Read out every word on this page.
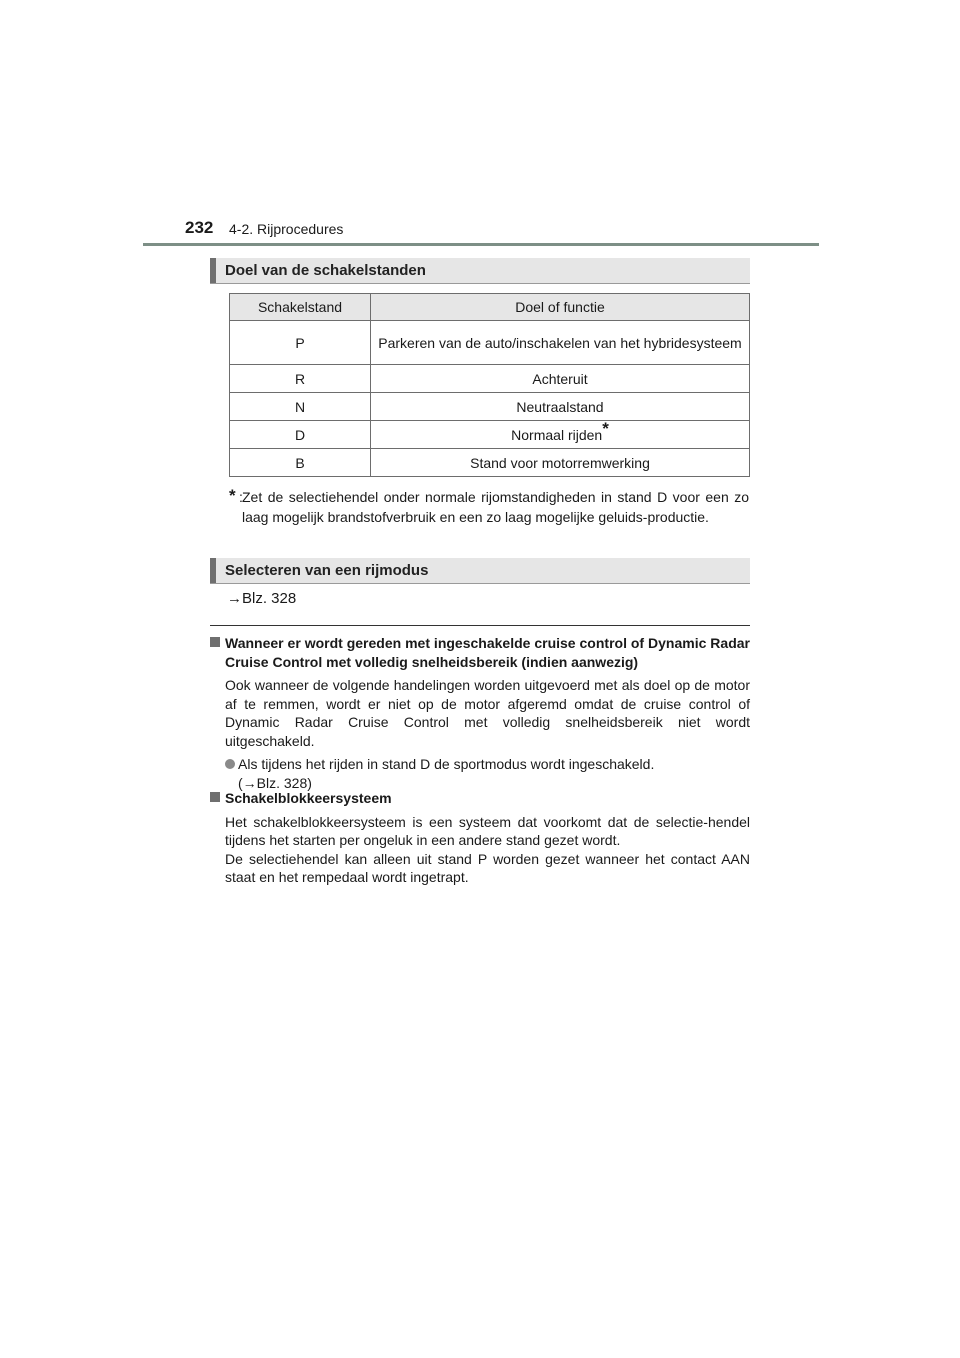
232 4-2. Rijprocedures
Doel van de schakelstanden
Schakelstand	Doel of functie
P	Parkeren van de auto/inschakelen van het hybridesysteem
R	Achteruit
N	Neutraalstand
D	Normaal rijden*
B	Stand voor motorremwerking
* : Zet de selectiehendel onder normale rijomstandigheden in stand D voor een zo laag mogelijk brandstofverbruik en een zo laag mogelijke geluids-productie.
Selecteren van een rijmodus
→Blz. 328
Wanneer er wordt gereden met ingeschakelde cruise control of Dynamic Radar Cruise Control met volledig snelheidsbereik (indien aanwezig)

Ook wanneer de volgende handelingen worden uitgevoerd met als doel op de motor af te remmen, wordt er niet op de motor afgeremd omdat de cruise control of Dynamic Radar Cruise Control met volledig snelheidsbereik niet wordt uitgeschakeld.

Als tijdens het rijden in stand D de sportmodus wordt ingeschakeld.
(→Blz. 328)
Schakelblokkeersysteem

Het schakelblokkeersysteem is een systeem dat voorkomt dat de selectie-hendel tijdens het starten per ongeluk in een andere stand gezet wordt.

De selectiehendel kan alleen uit stand P worden gezet wanneer het contact AAN staat en het rempedaal wordt ingetrapt.
